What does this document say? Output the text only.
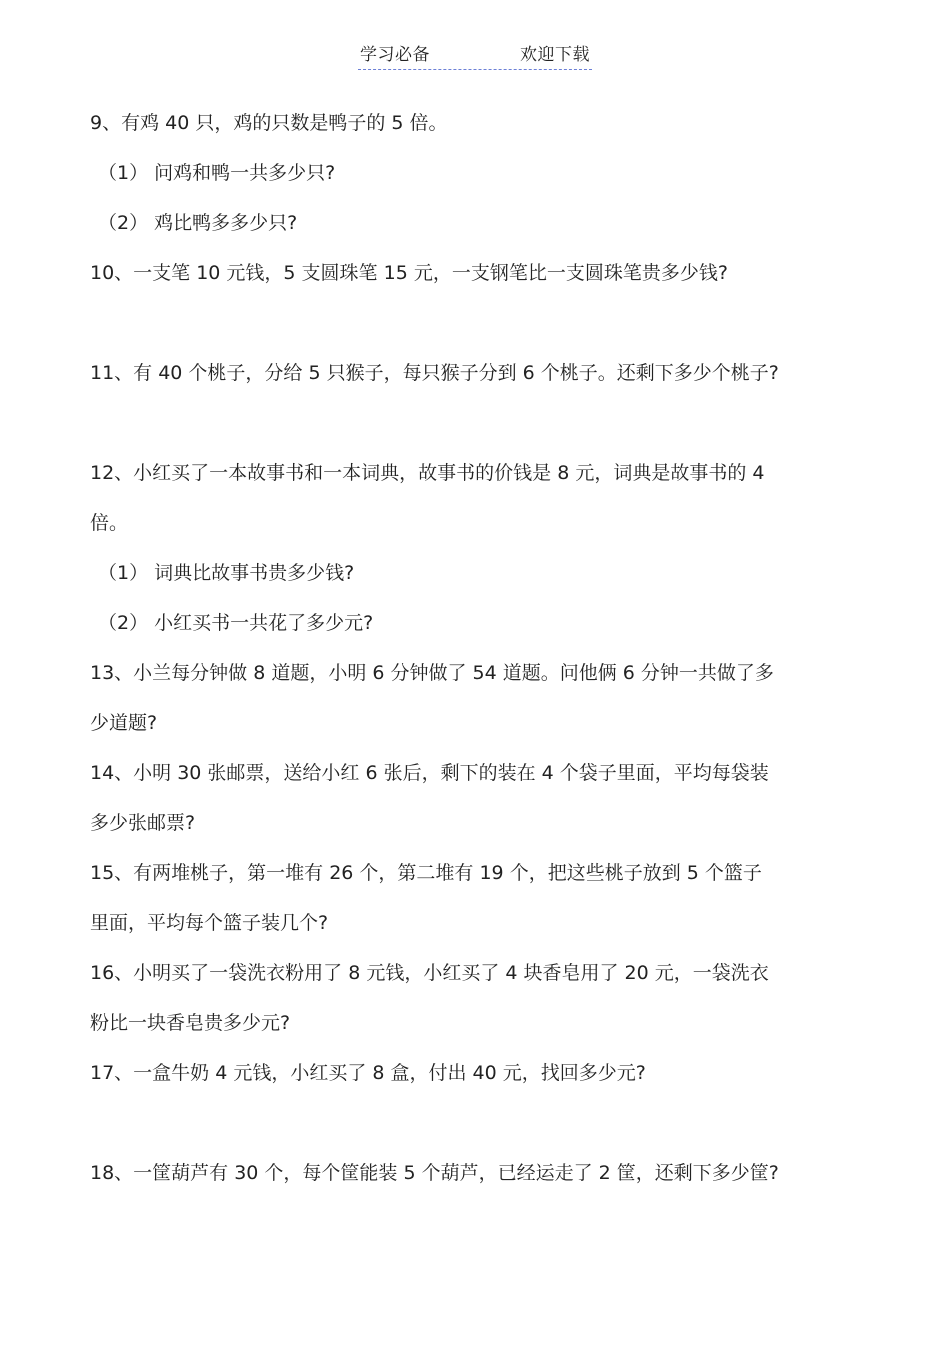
学习必备	欢迎下载
9、有鸡 40 只，鸡的只数是鸭子的 5 倍。
（1） 问鸡和鸭一共多少只?
（2） 鸡比鸭多多少只?
10、一支笔 10 元钱，5 支圆珠笔 15 元，一支钢笔比一支圆珠笔贵多少钱?
11、有 40 个桃子，分给 5 只猴子，每只猴子分到 6 个桃子。还剩下多少个桃子?
12、小红买了一本故事书和一本词典，故事书的价钱是 8 元，词典是故事书的 4
倍。
（1） 词典比故事书贵多少钱?
（2） 小红买书一共花了多少元?
13、小兰每分钟做 8 道题，小明 6 分钟做了 54 道题。问他俩 6 分钟一共做了多
少道题?
14、小明 30 张邮票，送给小红 6 张后，剩下的装在 4 个袋子里面，平均每袋装
多少张邮票?
15、有两堆桃子，第一堆有 26 个，第二堆有 19 个，把这些桃子放到 5 个篮子
里面，平均每个篮子装几个?
16、小明买了一袋洗衣粉用了 8 元钱，小红买了 4 块香皂用了 20 元，一袋洗衣
粉比一块香皂贵多少元?
17、一盒牛奶 4 元钱，小红买了 8 盒，付出 40 元，找回多少元?
18、一筐葫芦有 30 个，每个筐能装 5 个葫芦，已经运走了 2 筐，还剩下多少筐?
